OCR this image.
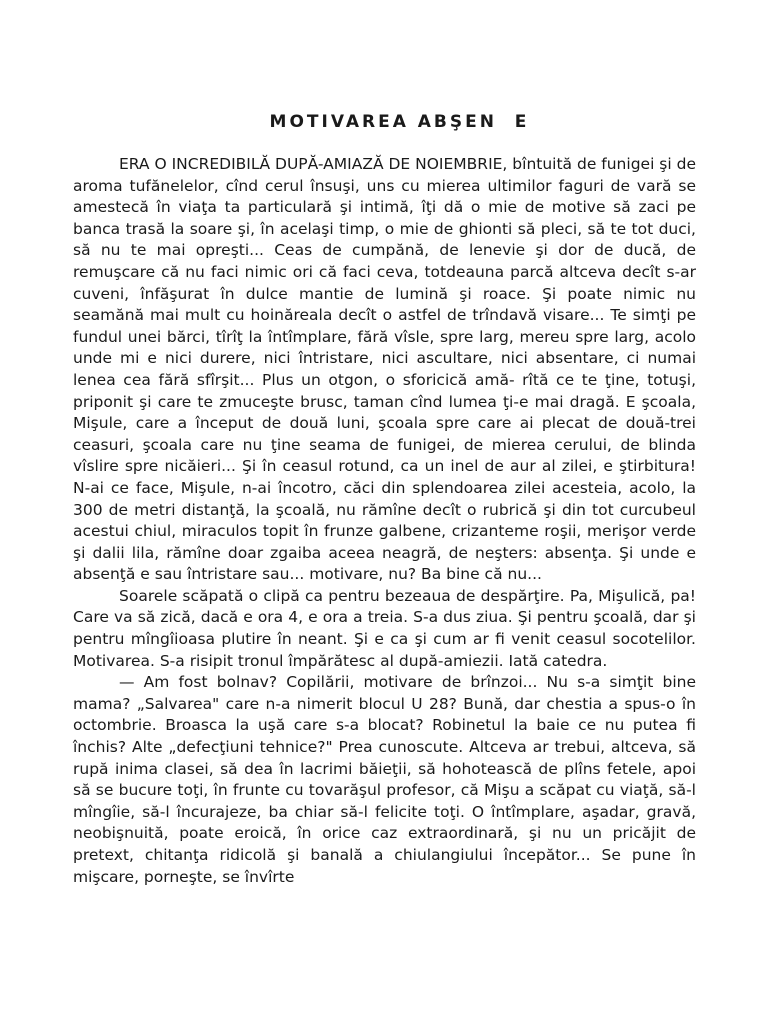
MOTIVAREA ABŞEN  E

ERA O INCREDIBILĂ DUPĂ-AMIAZĂ DE NOIEMBRIE, bîntuită de funigei şi de aroma tufănelelor, cînd cerul însuşi, uns cu mierea ultimilor faguri de vară se amestecă în viaţa ta particulară şi intimă, îţi dă o mie de motive să zaci pe banca trasă la soare şi, în acelaşi timp, o mie de ghionti să pleci, să te tot duci, să nu te mai opreşti... Ceas de cumpănă, de lenevie şi dor de ducă, de remuşcare că nu faci nimic ori că faci ceva, totdeauna parcă altceva decît s-ar cuveni, înfăşurat în dulce mantie de lumină şi roace. Şi poate nimic nu seamănă mai mult cu hoinăreala decît o astfel de trîndavă visare... Te simţi pe fundul unei bărci, tîrîţ la întîmplare, fără vîsle, spre larg, mereu spre larg, acolo unde mi e nici durere, nici întristare, nici ascultare, nici absentare, ci numai lenea cea fără sfîrşit... Plus un otgon, o sforicică amă- rîtă ce te ţine, totuşi, priponit şi care te zmuceşte brusc, taman cînd lumea ţi-e mai dragă. E şcoala, Mişule, care a început de două luni, şcoala spre care ai plecat de două-trei ceasuri, şcoala care nu ţine seama de funigei, de mierea cerului, de blinda vîslire spre nicăieri... Şi în ceasul rotund, ca un inel de aur al zilei, e ştirbitura! N-ai ce face, Mişule, n-ai încotro, căci din splendoarea zilei acesteia, acolo, la 300 de metri distanţă, la şcoală, nu rămîne decît o rubrică şi din tot curcubeul acestui chiul, miraculos topit în frunze galbene, crizanteme roşii, merişor verde şi dalii lila, rămîne doar zgaiba aceea neagră, de neşters: absenţa. Şi unde e absenţă e sau întristare sau... motivare, nu? Ba bine că nu...

Soarele scăpată o clipă ca pentru bezeaua de despărţire. Pa, Mişulică, pa! Care va să zică, dacă e ora 4, e ora a treia. S-a dus ziua. Şi pentru şcoală, dar şi pentru mîngîioasa plutire în neant. Şi e ca şi cum ar fi venit ceasul socotelilor. Motivarea. S-a risipit tronul împărătesc al după-amiezii. Iată catedra.

— Am fost bolnav? Copilării, motivare de brînzoi... Nu s-a simţit bine mama? „Salvarea" care n-a nimerit blocul U 28? Bună, dar chestia a spus-o în octombrie. Broasca la uşă care s-a blocat? Robinetul la baie ce nu putea fi închis? Alte „defecţiuni tehnice?" Prea cunoscute. Altceva ar trebui, altceva, să rupă inima clasei, să dea în lacrimi băieţii, să hohotească de plîns fetele, apoi să se bucure toţi, în frunte cu tovarăşul profesor, că Mişu a scăpat cu viaţă, să-l mîngîie, să-l încurajeze, ba chiar să-l felicite toţi. O întîmplare, aşadar, gravă, neobişnuită, poate eroică, în orice caz extraordinară, şi nu un pricăjit de pretext, chitanţa ridicolă şi banală a chiulangiului începător... Se pune în mişcare, porneşte, se învîrte
